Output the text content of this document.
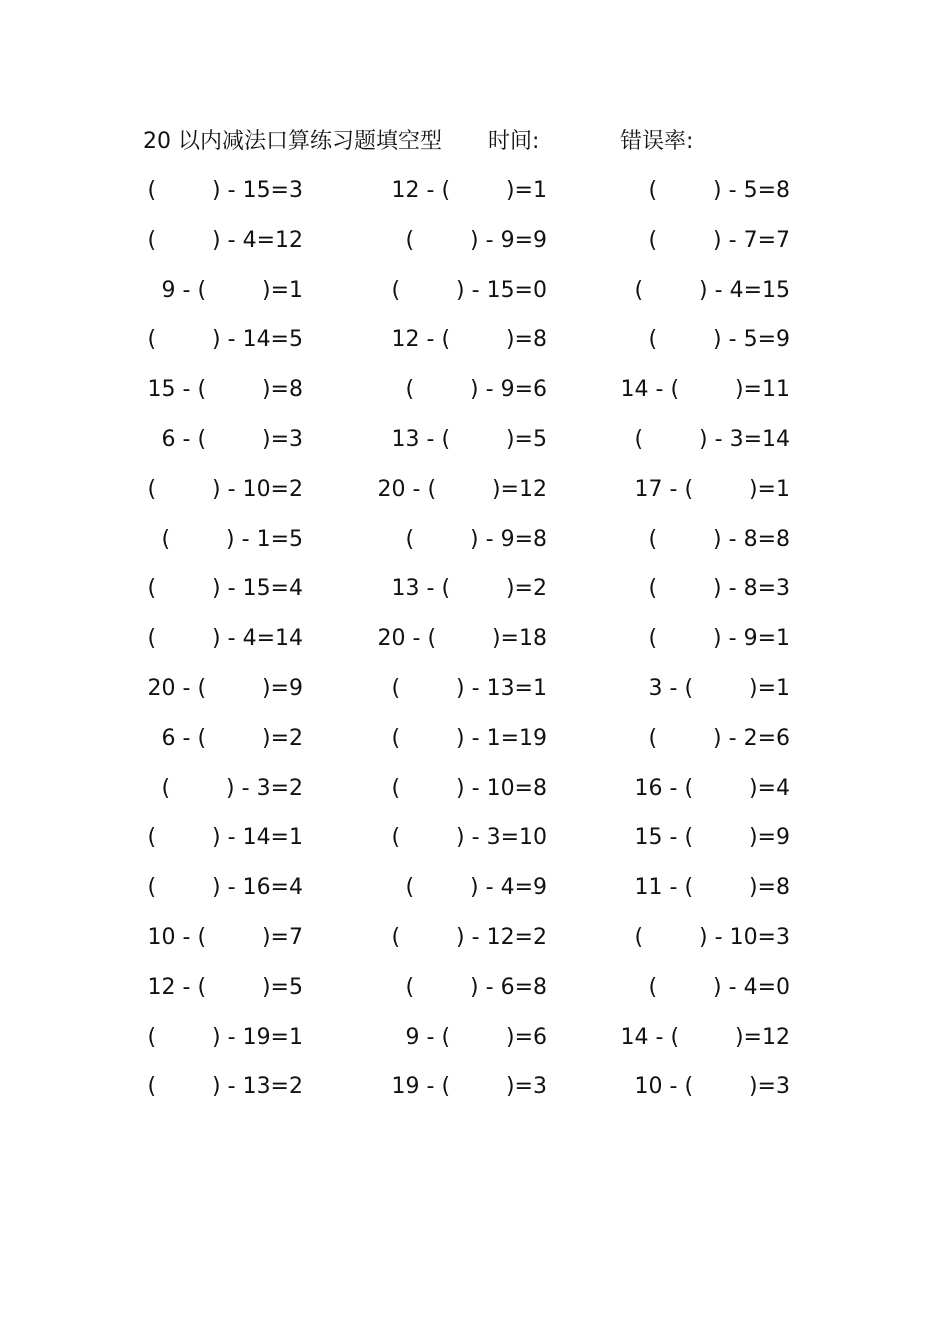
20 以内减法口算练习题填空型 时间:	错误率:
(        ) - 15=3	12 - (        )=1	(        ) - 5=8
(        ) - 4=12	(        ) - 9=9	(        ) - 7=7
9 - (        )=1	(        ) - 15=0	(        ) - 4=15
(        ) - 14=5	12 - (        )=8	(        ) - 5=9
15 - (        )=8	(        ) - 9=6	14 - (        )=11
6 - (        )=3	13 - (        )=5	(        ) - 3=14
(        ) - 10=2	20 - (        )=12	17 - (        )=1
(        ) - 1=5	(        ) - 9=8	(        ) - 8=8
(        ) - 15=4	13 - (        )=2	(        ) - 8=3
(        ) - 4=14	20 - (        )=18	(        ) - 9=1
20 - (        )=9	(        ) - 13=1	3 - (        )=1
6 - (        )=2	(        ) - 1=19	(        ) - 2=6
(        ) - 3=2	(        ) - 10=8	16 - (        )=4
(        ) - 14=1	(        ) - 3=10	15 - (        )=9
(        ) - 16=4	(        ) - 4=9	11 - (        )=8
10 - (        )=7	(        ) - 12=2	(        ) - 10=3
12 - (        )=5	(        ) - 6=8	(        ) - 4=0
(        ) - 19=1	9 - (        )=6	14 - (        )=12
(        ) - 13=2	19 - (        )=3	10 - (        )=3
